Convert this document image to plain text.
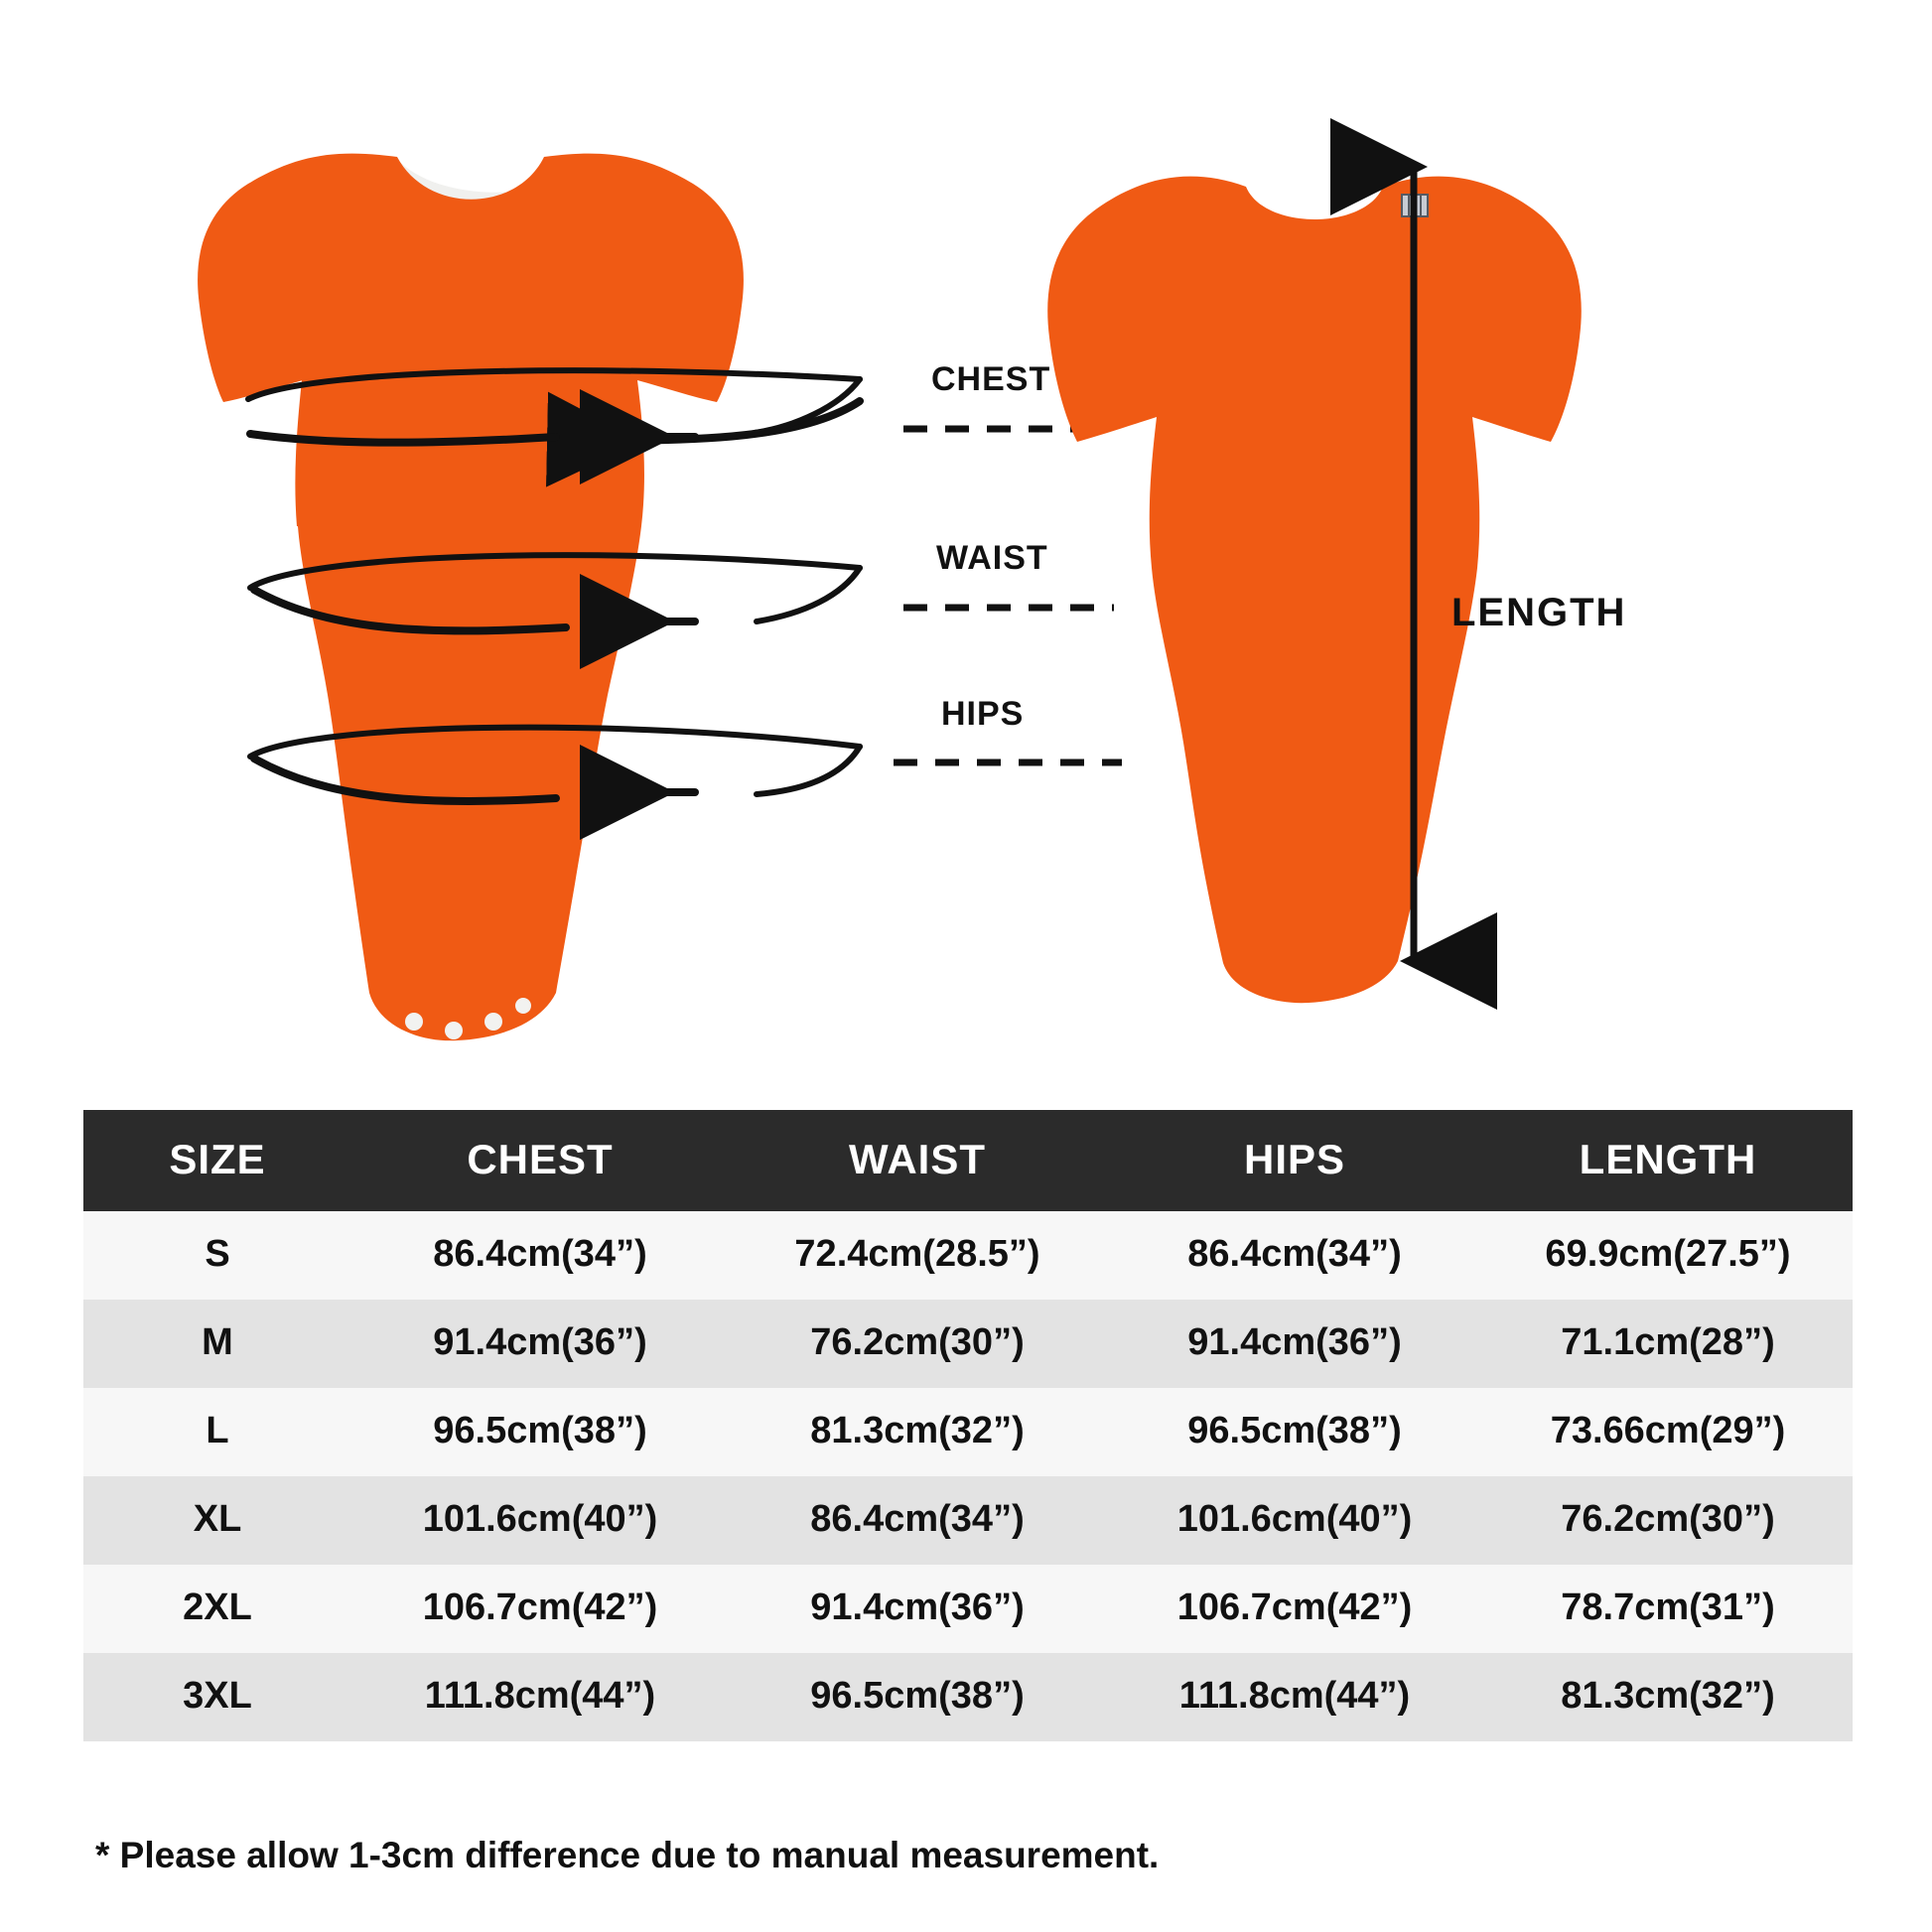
CHEST
WAIST
HIPS
LENGTH
SIZE	CHEST	WAIST	HIPS	LENGTH
S	86.4cm(34”)	72.4cm(28.5”)	86.4cm(34”)	69.9cm(27.5”)
M	91.4cm(36”)	76.2cm(30”)	91.4cm(36”)	71.1cm(28”)
L	96.5cm(38”)	81.3cm(32”)	96.5cm(38”)	73.66cm(29”)
XL	101.6cm(40”)	86.4cm(34”)	101.6cm(40”)	76.2cm(30”)
2XL	106.7cm(42”)	91.4cm(36”)	106.7cm(42”)	78.7cm(31”)
3XL	111.8cm(44”)	96.5cm(38”)	111.8cm(44”)	81.3cm(32”)
* Please allow 1-3cm difference due to manual measurement.
